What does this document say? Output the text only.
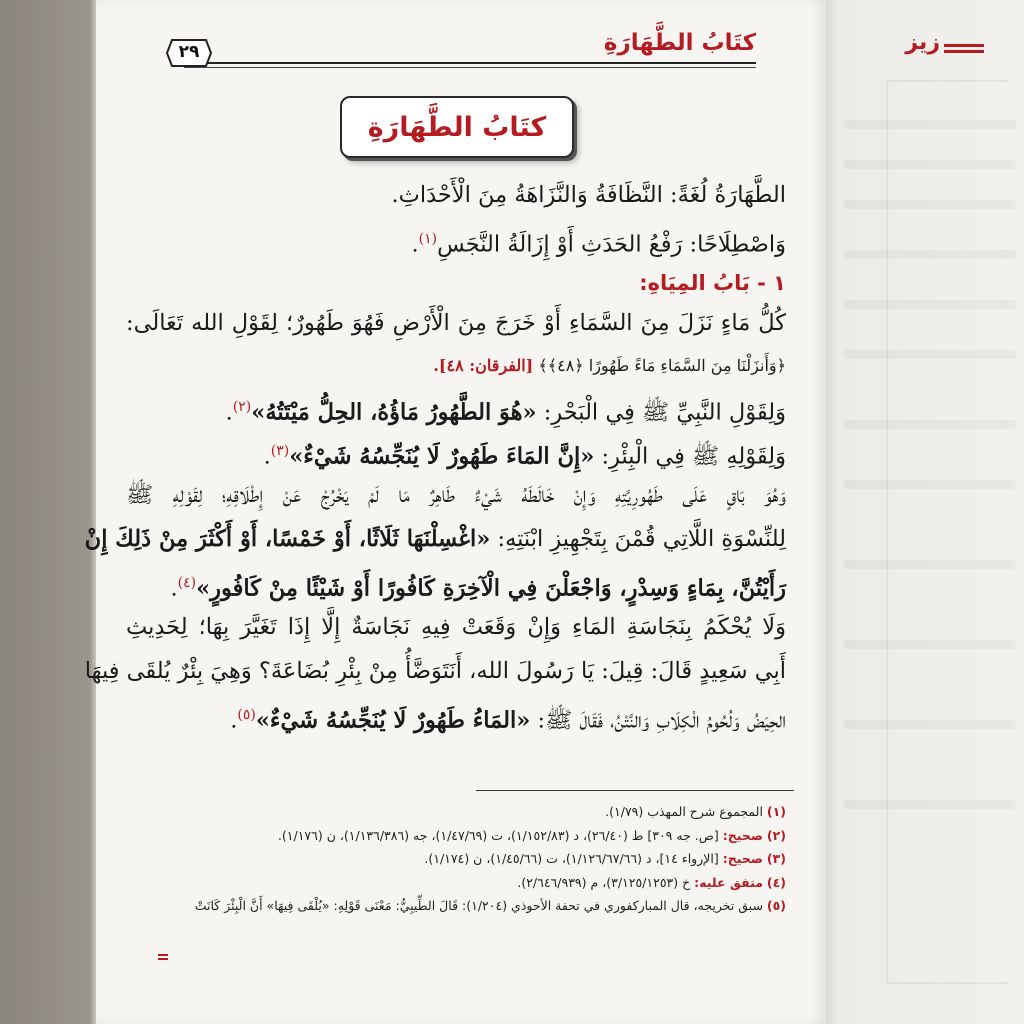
زيز
٢٩	كتَابُ الطَّهَارَةِ
كتَابُ الطَّهَارَةِ
الطَّهَارَةُ لُغَةً: النَّظَافَةُ وَالنَّزَاهَةُ مِنَ الْأَحْدَاثِ.
وَاصْطِلَاحًا: رَفْعُ الحَدَثِ أَوْ إِزَالَةُ النَّجَسِ$^{(١)}$.
١ - بَابُ المِيَاهِ:
كُلُّ مَاءٍ نَزَلَ مِنَ السَّمَاءِ أَوْ خَرَجَ مِنَ الْأَرْضِ فَهُوَ طَهُورٌ؛ لِقَوْلِ الله تَعَالَى:
﴿وَأَنزَلْنَا مِنَ السَّمَاءِ مَاءً طَهُورًا ﴿٤٨﴾﴾ [الفرقان: ٤٨].
وَلِقَوْلِ النَّبِيِّ ﷺ فِي الْبَحْرِ: «هُوَ الطَّهُورُ مَاؤُهُ، الحِلُّ مَيْتَتُهُ»$^{(٢)}$.
وَلِقَوْلِهِ ﷺ فِي الْبِئْرِ: «إِنَّ المَاءَ طَهُورٌ لَا يُنَجِّسُهُ شَيْءٌ»$^{(٣)}$.
وَهُوَ بَاقٍ عَلَى طَهُورِيَّتِهِ وَإِنْ خَالَطَهُ شَيْءٌ طَاهِرٌ مَا لَمْ يَخْرُجْ عَنْ إِطْلَاقِهِ؛ لِقَوْلِهِ ﷺ
لِلنِّسْوَةِ اللَّاتِي قُمْنَ بِتَجْهِيزِ ابْنَتِهِ: «اغْسِلْنَهَا ثَلَاثًا، أَوْ خَمْسًا، أَوْ أَكْثَرَ مِنْ ذَلِكَ إِنْ
رَأَيْتُنَّ، بِمَاءٍ وَسِدْرٍ، وَاجْعَلْنَ فِي الْآخِرَةِ كَافُورًا أَوْ شَيْئًا مِنْ كَافُورٍ»$^{(٤)}$.
وَلَا يُحْكَمُ بِنَجَاسَةِ المَاءِ وَإِنْ وَقَعَتْ فِيهِ نَجَاسَةٌ إِلَّا إِذَا تَغَيَّرَ بِهَا؛ لِحَدِيثِ
أَبِي سَعِيدٍ قَالَ: قِيلَ: يَا رَسُولَ الله، أَنَتَوَضَّأُ مِنْ بِئْرِ بُضَاعَةَ؟ وَهِيَ بِئْرٌ يُلقَى فِيهَا
الحِيَضُ وَلُحُومُ الْكِلَابِ وَالنَّتْنُ، فَقَالَ ﷺ: «المَاءُ طَهُورٌ لَا يُنَجِّسُهُ شَيْءٌ»$^{(٥)}$.
(١) المجموع شرح المهذب (١/٧٩).
(٢) صحيح: [ص. جه ٣٠٩] ط (٢٦/٤٠)، د (١/١٥٢/٨٣)، ت (١/٤٧/٦٩)، جه (١/١٣٦/٣٨٦)، ن (١/١٧٦).
(٣) صحيح: [الإرواء ١٤]، د (١/١٢٦/٦٧/٦٦)، ت (١/٤٥/٦٦)، ن (١/١٧٤).
(٤) متفق عليه: خ (٣/١٢٥/١٢٥٣)، م (٢/٦٤٦/٩٣٩).
(٥) سبق تخريجه، قال المباركفوري في تحفة الأحوذي (١/٢٠٤): قَالَ الطِّيبِيُّ: مَعْنَى قَوْلِهِ: «يُلْقَى فِيهَا» أَنَّ الْبِئْرَ كَانَتْ
